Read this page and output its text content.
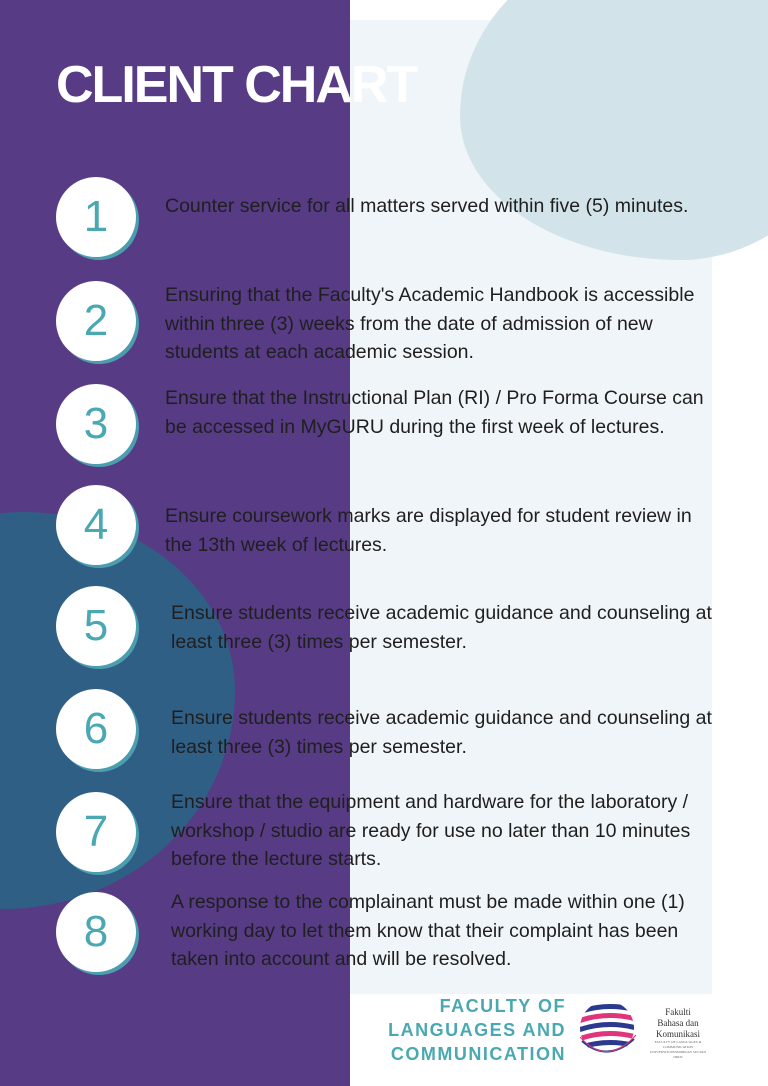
CLIENT CHART
1	Counter service for all matters served within five (5) minutes.
2
Ensuring that the Faculty's Academic Handbook is accessible within three (3) weeks from the date of admission of new students at each academic session.
3
Ensure that the Instructional Plan (RI) / Pro Forma Course can be accessed in MyGURU during the first week of lectures.
4	Ensure coursework marks are displayed for student review in the 13th week of lectures.
5	Ensure students receive academic guidance and counseling at least three (3) times per semester.
6	Ensure students receive academic guidance and counseling at least three (3) times per semester.
7
Ensure that the equipment and hardware for the laboratory / workshop / studio are ready for use no later than 10 minutes before the lecture starts.
8
A response to the complainant must be made within one (1) working day to let them know that their complaint has been taken into account and will be resolved.
FACULTY OF
LANGUAGES AND
COMMUNICATION
Fakulti
Bahasa dan
Komunikasi
FACULTY OF LANGUAGES & COMMUNICATION
UNIVERSITI PENDIDIKAN SULTAN IDRIS
